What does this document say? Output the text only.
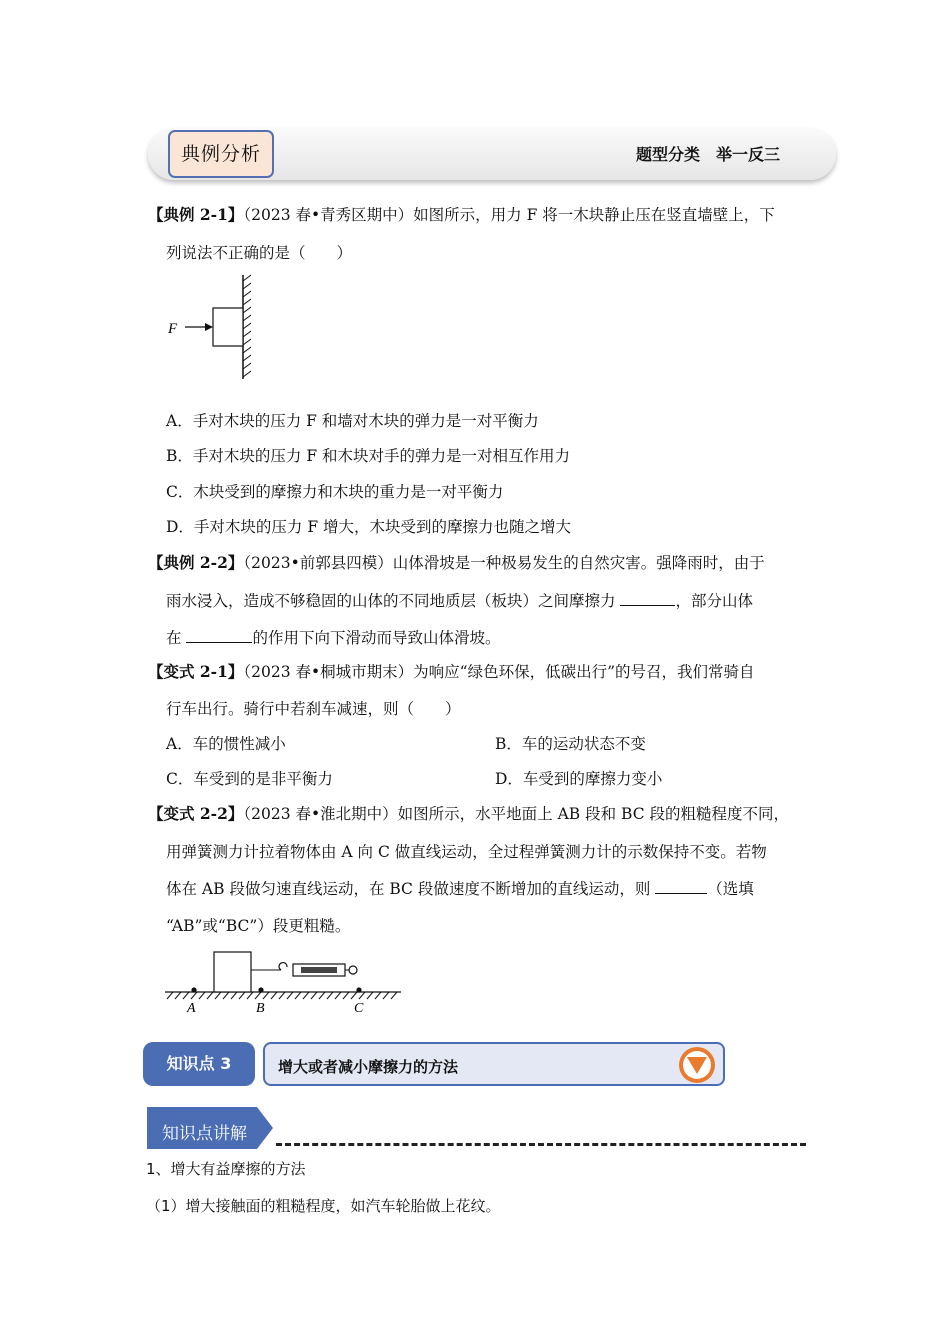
典例分析	题型分类　举一反三
【典例 2-1】（2023 春•青秀区期中）如图所示，用力 F 将一木块静止压在竖直墙壁上，下
列说法不正确的是（　　）
F
A．手对木块的压力 F 和墙对木块的弹力是一对平衡力
B．手对木块的压力 F 和木块对手的弹力是一对相互作用力
C．木块受到的摩擦力和木块的重力是一对平衡力
D．手对木块的压力 F 增大，木块受到的摩擦力也随之增大
【典例 2-2】（2023•前郭县四模）山体滑坡是一种极易发生的自然灾害。强降雨时，由于
雨水浸入，造成不够稳固的山体的不同地质层（板块）之间摩擦力	，部分山体
在	的作用下向下滑动而导致山体滑坡。
【变式 2-1】（2023 春•桐城市期末）为响应“绿色环保，低碳出行”的号召，我们常骑自
行车出行。骑行中若刹车减速，则（　　）
A．车的惯性减小	B．车的运动状态不变
C．车受到的是非平衡力	D．车受到的摩擦力变小
【变式 2-2】（2023 春•淮北期中）如图所示，水平地面上 AB 段和 BC 段的粗糙程度不同，
用弹簧测力计拉着物体由 A 向 C 做直线运动，全过程弹簧测力计的示数保持不变。若物
体在 AB 段做匀速直线运动，在 BC 段做速度不断增加的直线运动，则	（选填
“AB”或“BC”）段更粗糙。
A	B	C
知识点 3	增大或者减小摩擦力的方法
知识点讲解
1、增大有益摩擦的方法
（1）增大接触面的粗糙程度，如汽车轮胎做上花纹。
